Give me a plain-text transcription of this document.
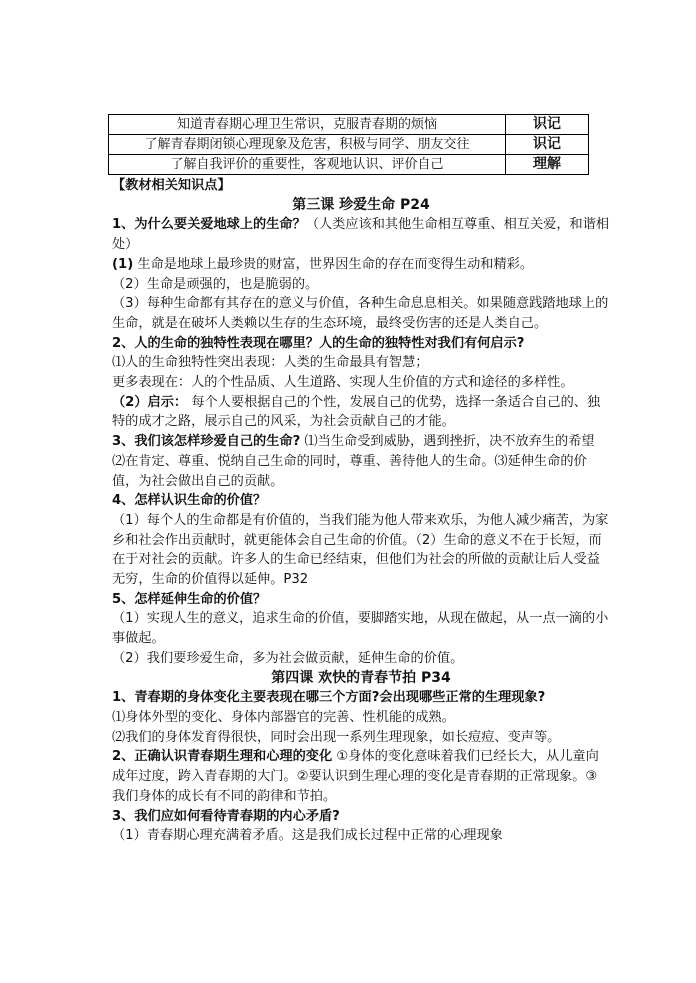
知道青春期心理卫生常识，克服青春期的烦恼	识记
了解青春期闭锁心理现象及危害，积极与同学、朋友交往	识记
了解自我评价的重要性，客观地认识、评价自己	理解

【教材相关知识点】

第三课 珍爱生命 P24

1、为什么要关爱地球上的生命？（人类应该和其他生命相互尊重、相互关爱，和谐相处）

(1) 生命是地球上最珍贵的财富，世界因生命的存在而变得生动和精彩。

（2）生命是顽强的，也是脆弱的。

（3）每种生命都有其存在的意义与价值，各种生命息息相关。如果随意践踏地球上的生命，就是在破坏人类赖以生存的生态环境，最终受伤害的还是人类自己。

2、人的生命的独特性表现在哪里？人的生命的独特性对我们有何启示?

⑴人的生命独特性突出表现：人类的生命最具有智慧；

更多表现在：人的个性品质、人生道路、实现人生价值的方式和途径的多样性。

（2）启示： 每个人要根据自己的个性，发展自己的优势，选择一条适合自己的、独特的成才之路，展示自己的风采，为社会贡献自己的才能。

3、我们该怎样珍爱自己的生命? ⑴当生命受到威胁，遇到挫折，决不放弃生的希望 ⑵在肯定、尊重、悦纳自己生命的同时，尊重、善待他人的生命。⑶延伸生命的价值，为社会做出自己的贡献。

4、怎样认识生命的价值？

（1）每个人的生命都是有价值的，当我们能为他人带来欢乐，为他人减少痛苦，为家乡和社会作出贡献时，就更能体会自己生命的价值。（2）生命的意义不在于长短，而在于对社会的贡献。许多人的生命已经结束，但他们为社会的所做的贡献让后人受益无穷，生命的价值得以延伸。P32

5、怎样延伸生命的价值？

（1）实现人生的意义，追求生命的价值，要脚踏实地，从现在做起，从一点一滴的小事做起。

（2）我们要珍爱生命，多为社会做贡献，延伸生命的价值。

第四课 欢快的青春节拍 P34

1、青春期的身体变化主要表现在哪三个方面?会出现哪些正常的生理现象?

⑴身体外型的变化、身体内部器官的完善、性机能的成熟。

⑵我们的身体发育得很快，同时会出现一系列生理现象，如长痘痘、变声等。

2、正确认识青春期生理和心理的变化 ①身体的变化意味着我们已经长大，从儿童向成年过度，跨入青春期的大门。②要认识到生理心理的变化是青春期的正常现象。③我们身体的成长有不同的韵律和节拍。

3、我们应如何看待青春期的内心矛盾?

（1）青春期心理充满着矛盾。这是我们成长过程中正常的心理现象
